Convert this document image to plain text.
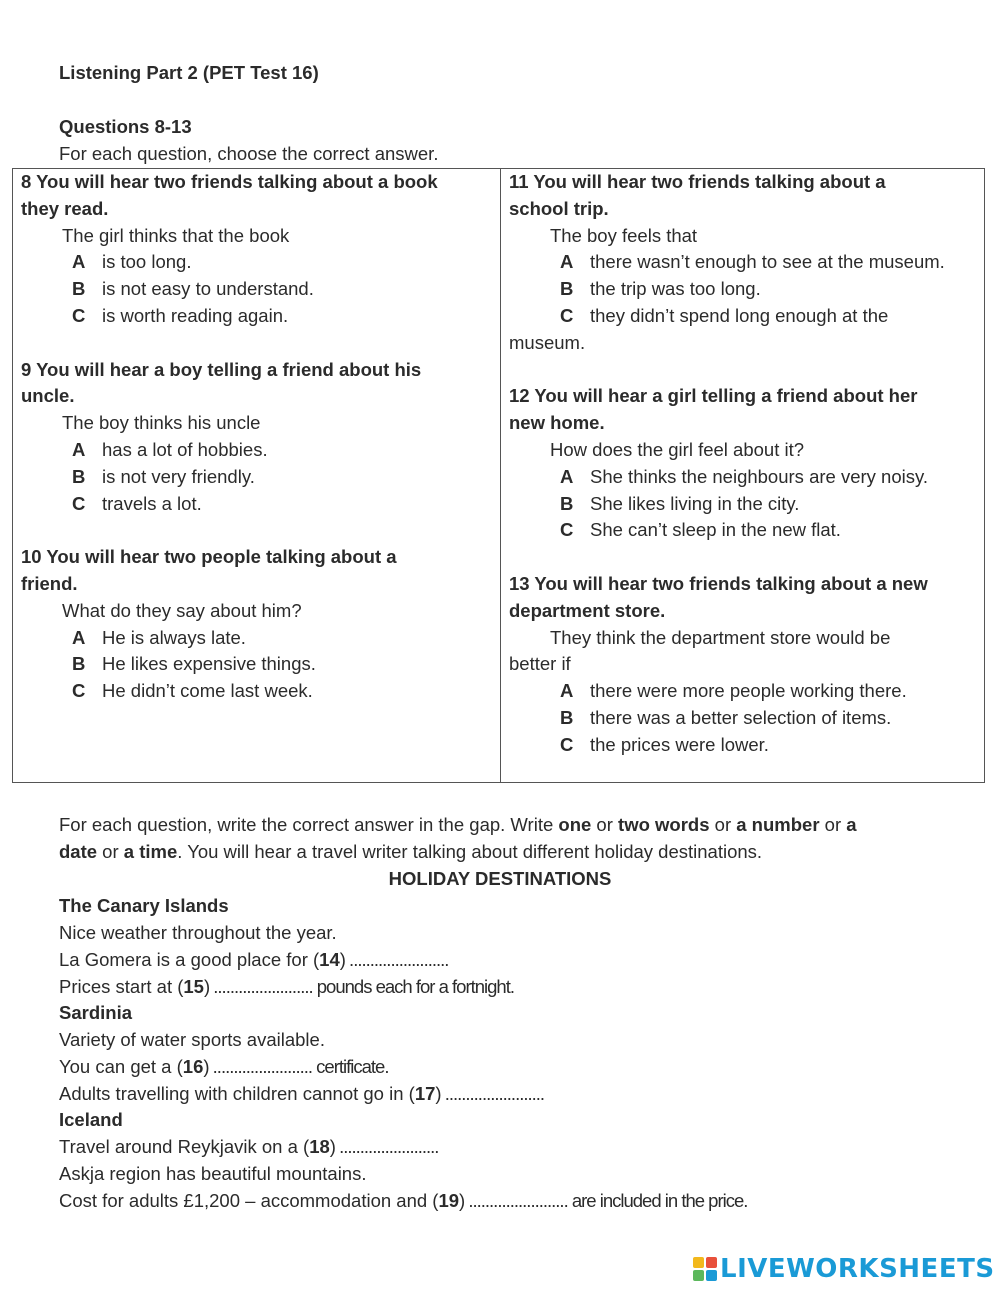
Listening Part 2 (PET Test 16)
Questions 8-13
For each question, choose the correct answer.
8 You will hear two friends talking about a book
they read.
The girl thinks that the book
A is too long.
B is not easy to understand.
C is worth reading again.
9 You will hear a boy telling a friend about his
uncle.
The boy thinks his uncle
A has a lot of hobbies.
B is not very friendly.
C travels a lot.
10 You will hear two people talking about a
friend.
What do they say about him?
A He is always late.
B He likes expensive things.
C He didn’t come last week.
11 You will hear two friends talking about a
school trip.
The boy feels that
A there wasn’t enough to see at the museum.
B the trip was too long.
C they didn’t spend long enough at the
museum.
12 You will hear a girl telling a friend about her
new home.
How does the girl feel about it?
A She thinks the neighbours are very noisy.
B She likes living in the city.
C She can’t sleep in the new flat.
13 You will hear two friends talking about a new
department store.
They think the department store would be
better if
A there were more people working there.
B there was a better selection of items.
C the prices were lower.
For each question, write the correct answer in the gap. Write one or two words or a number or a
date or a time. You will hear a travel writer talking about different holiday destinations.
HOLIDAY DESTINATIONS
The Canary Islands
Nice weather throughout the year.
La Gomera is a good place for (14) ........................
Prices start at (15) ........................ pounds each for a fortnight.
Sardinia
Variety of water sports available.
You can get a (16) ........................ certificate.
Adults travelling with children cannot go in (17) ........................
Iceland
Travel around Reykjavik on a (18) ........................
Askja region has beautiful mountains.
Cost for adults £1,200 – accommodation and (19) ........................ are included in the price.
LIVEWORKSHEETS
